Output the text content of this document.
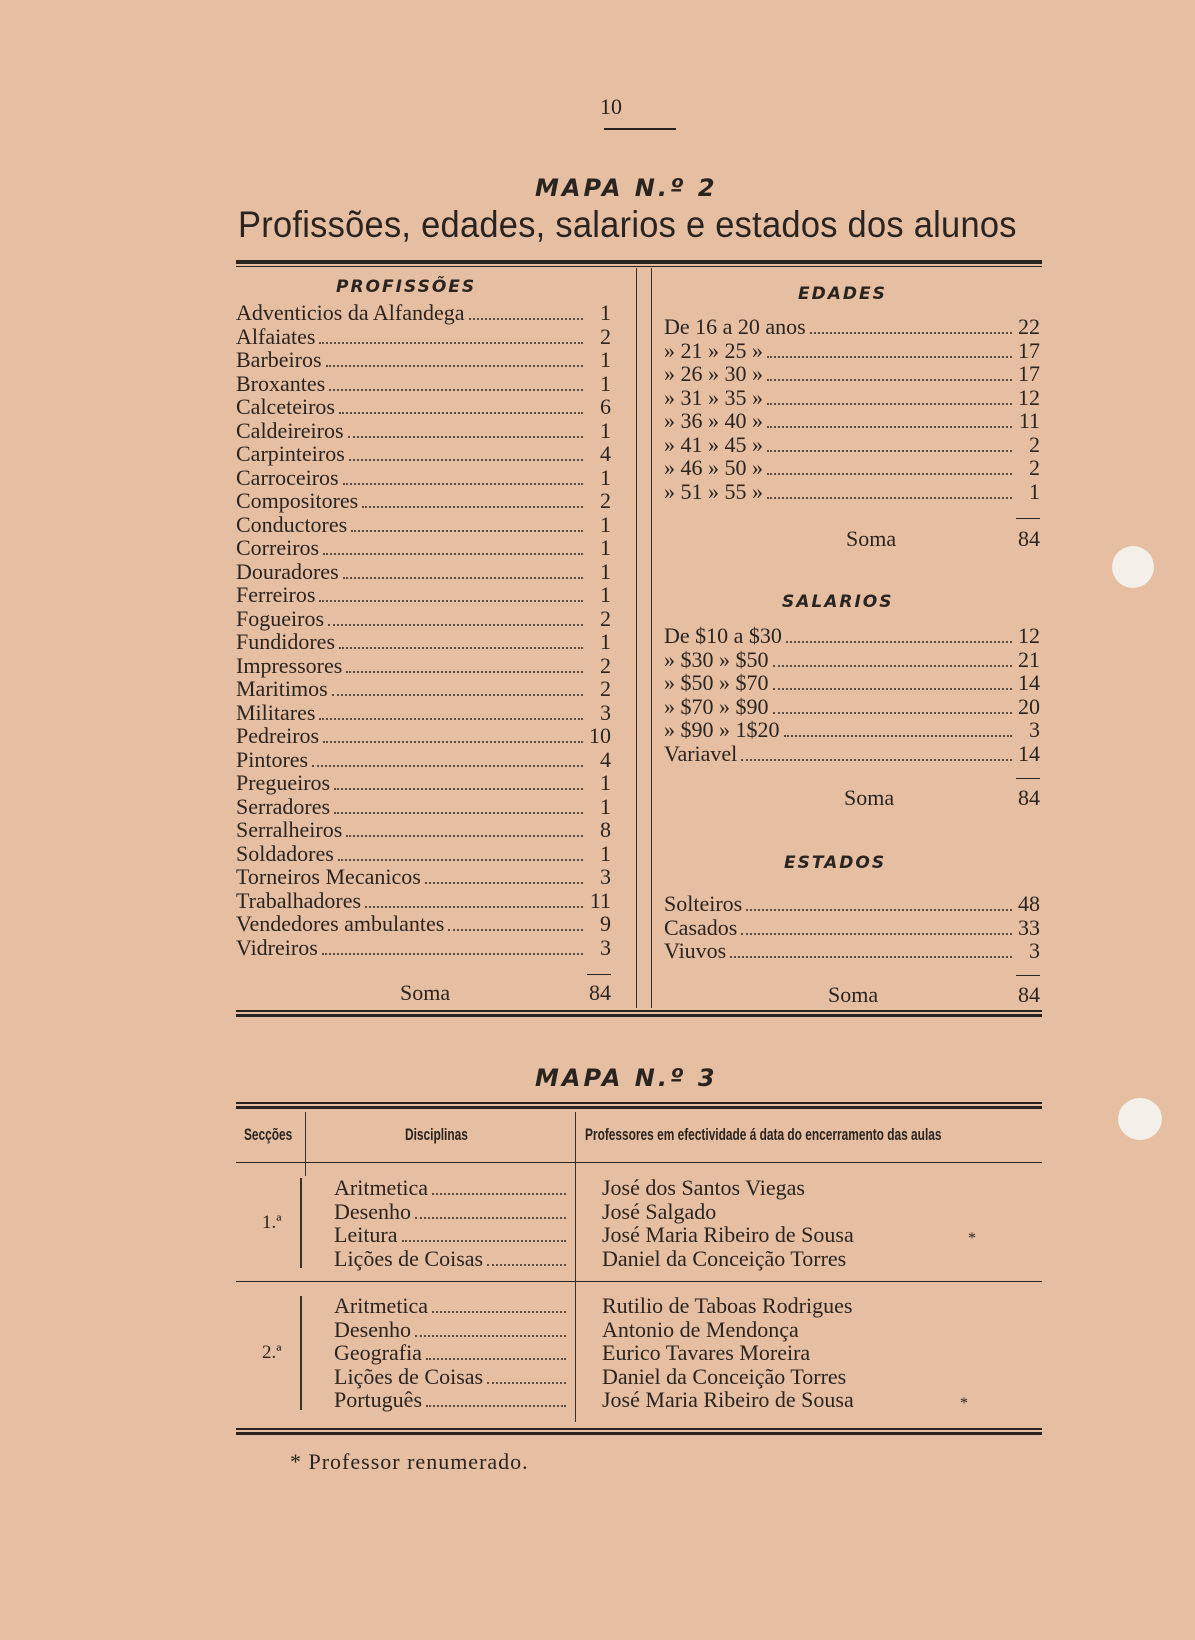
10
MAPA N.º 2
Profissões, edades, salarios e estados dos alunos
PROFISSÕES
Adventicios da Alfandega	1
Alfaiates	2
Barbeiros	1
Broxantes	1
Calceteiros	6
Caldeireiros	1
Carpinteiros	4
Carroceiros	1
Compositores	2
Conductores	1
Correiros	1
Douradores	1
Ferreiros	1
Fogueiros	2
Fundidores	1
Impressores	2
Maritimos	2
Militares	3
Pedreiros	10
Pintores	4
Pregueiros	1
Serradores	1
Serralheiros	8
Soldadores	1
Torneiros Mecanicos	3
Trabalhadores	11
Vendedores ambulantes	9
Vidreiros	3
Soma	84
EDADES
De 16 a 20 anos	22
» 21 » 25 »	17
» 26 » 30 »	17
» 31 » 35 »	12
» 36 » 40 »	11
» 41 » 45 »	2
» 46 » 50 »	2
» 51 » 55 »	1
Soma	84
SALARIOS
De $10 a $30	12
» $30 » $50	21
» $50 » $70	14
» $70 » $90	20
» $90 » 1$20	3
Variavel	14
Soma	84
ESTADOS
Solteiros	48
Casados	33
Viuvos	3
Soma	84
MAPA N.º 3
Secções	Disciplinas	Professores em efectividade á data do encerramento das aulas
1.ª
Aritmetica	José dos Santos Viegas
Desenho	José Salgado
Leitura	José Maria Ribeiro de Sousa	*
Lições de Coisas	Daniel da Conceição Torres
2.ª
Aritmetica	Rutilio de Taboas Rodrigues
Desenho	Antonio de Mendonça
Geografia	Eurico Tavares Moreira
Lições de Coisas	Daniel da Conceição Torres
Português	José Maria Ribeiro de Sousa	*
* Professor renumerado.
